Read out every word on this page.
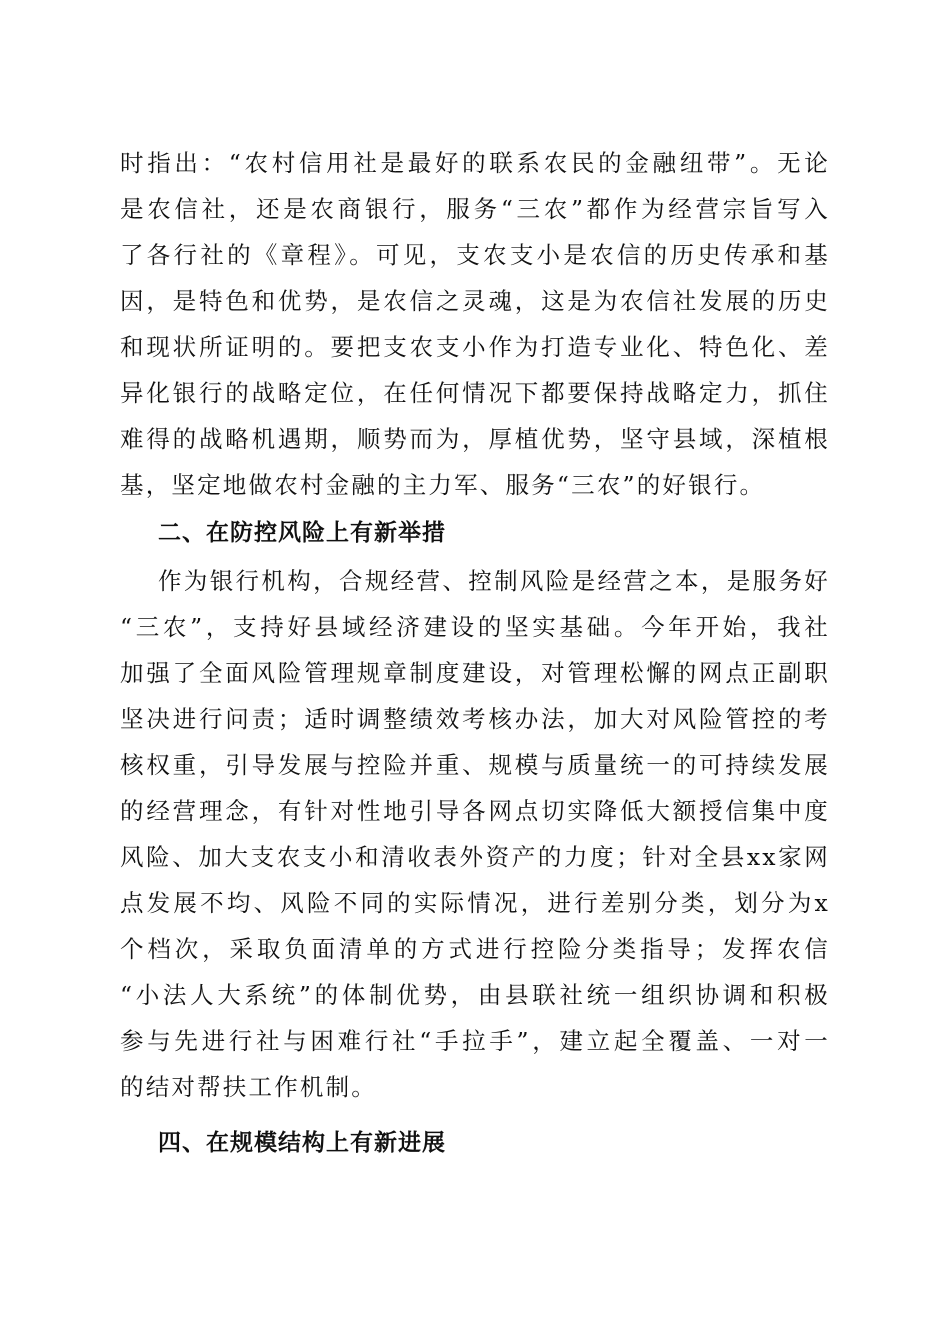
时指出：“农村信用社是最好的联系农民的金融纽带”。无论
是农信社，还是农商银行，服务“三农”都作为经营宗旨写入
了各行社的《章程》。可见，支农支小是农信的历史传承和基
因，是特色和优势，是农信之灵魂，这是为农信社发展的历史
和现状所证明的。要把支农支小作为打造专业化、特色化、差
异化银行的战略定位，在任何情况下都要保持战略定力，抓住
难得的战略机遇期，顺势而为，厚植优势，坚守县域，深植根
基，坚定地做农村金融的主力军、服务“三农”的好银行。
二、在防控风险上有新举措
作为银行机构，合规经营、控制风险是经营之本，是服务好
“三农”，支持好县域经济建设的坚实基础。今年开始，我社
加强了全面风险管理规章制度建设，对管理松懈的网点正副职
坚决进行问责；适时调整绩效考核办法，加大对风险管控的考
核权重，引导发展与控险并重、规模与质量统一的可持续发展
的经营理念，有针对性地引导各网点切实降低大额授信集中度
风险、加大支农支小和清收表外资产的力度；针对全县xx家网
点发展不均、风险不同的实际情况，进行差别分类，划分为x
个档次，采取负面清单的方式进行控险分类指导；发挥农信
“小法人大系统”的体制优势，由县联社统一组织协调和积极
参与先进行社与困难行社“手拉手”，建立起全覆盖、一对一
的结对帮扶工作机制。
四、在规模结构上有新进展
